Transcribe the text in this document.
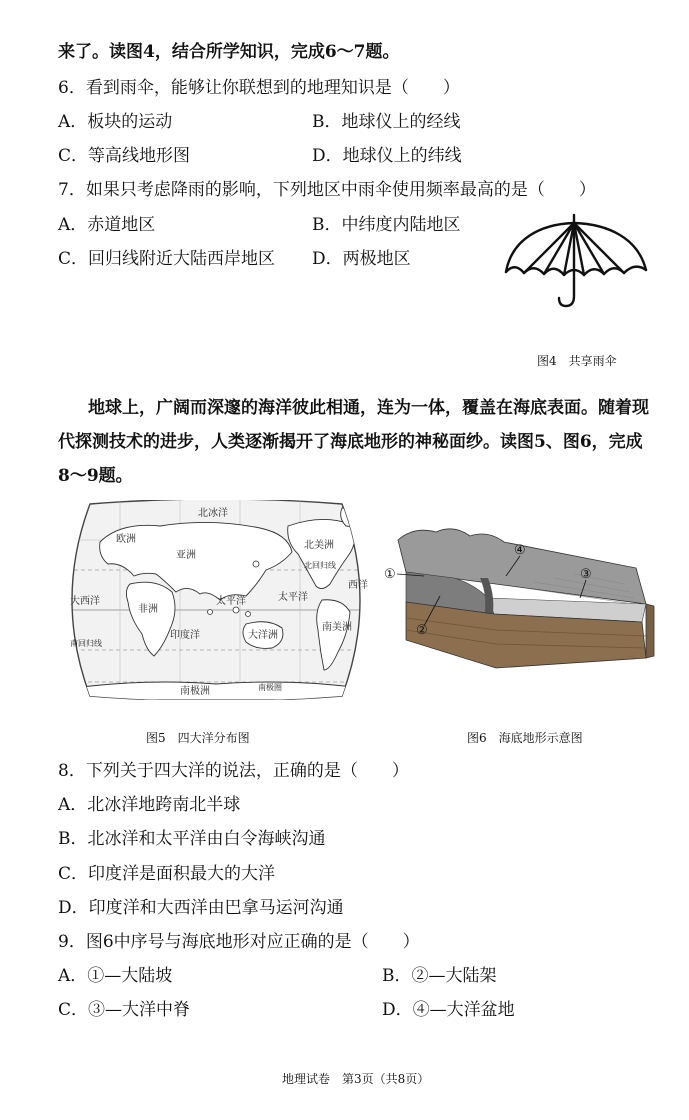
来了。读图4，结合所学知识，完成6～7题。
6．看到雨伞，能够让你联想到的地理知识是（　　）
A．板块的运动	B．地球仪上的经线
C．等高线地形图	D．地球仪上的纬线
7．如果只考虑降雨的影响，下列地区中雨伞使用频率最高的是（　　）
A．赤道地区	B．中纬度内陆地区
C．回归线附近大陆西岸地区 D．两极地区
图4　共享雨伞
地球上，广阔而深邃的海洋彼此相通，连为一体，覆盖在海底表面。随着现
代探测技术的进步，人类逐渐揭开了海底地形的神秘面纱。读图5、图6，完成
8～9题。
北冰洋
欧洲
亚洲
北美洲
太平洋	太平洋
西洋
大西洋
非洲
印度洋	大洋洲
南美洲
南极洲
北回归线
南回归线
南极圈
图5　四大洋分布图
①
②
③
④
图6　海底地形示意图
8．下列关于四大洋的说法，正确的是（　　）
A．北冰洋地跨南北半球
B．北冰洋和太平洋由白令海峡沟通
C．印度洋是面积最大的大洋
D．印度洋和大西洋由巴拿马运河沟通
9．图6中序号与海底地形对应正确的是（　　）
A．①—大陆坡	B．②—大陆架
C．③—大洋中脊	D．④—大洋盆地
地理试卷　第3页（共8页）
